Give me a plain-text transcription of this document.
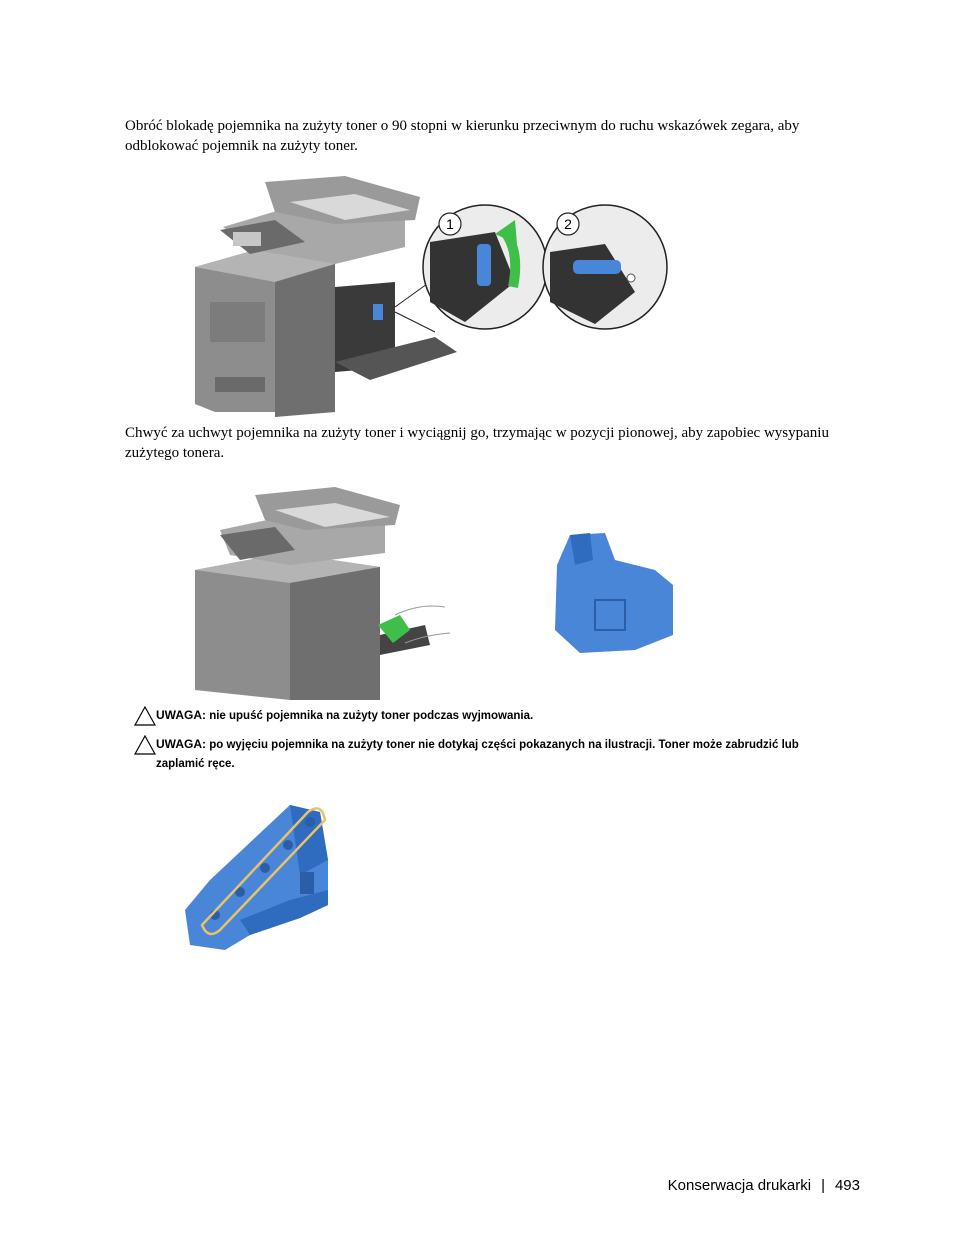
Obróć blokadę pojemnika na zużyty toner o 90 stopni w kierunku przeciwnym do ruchu wskazówek zegara, aby odblokować pojemnik na zużyty toner.
1	2
Chwyć za uchwyt pojemnika na zużyty toner i wyciągnij go, trzymając w pozycji pionowej, aby zapobiec wysypaniu zużytego tonera.
UWAGA: nie upuść pojemnika na zużyty toner podczas wyjmowania.
UWAGA: po wyjęciu pojemnika na zużyty toner nie dotykaj części pokazanych na ilustracji. Toner może zabrudzić lub zaplamić ręce.
Konserwacja drukarki | 493
